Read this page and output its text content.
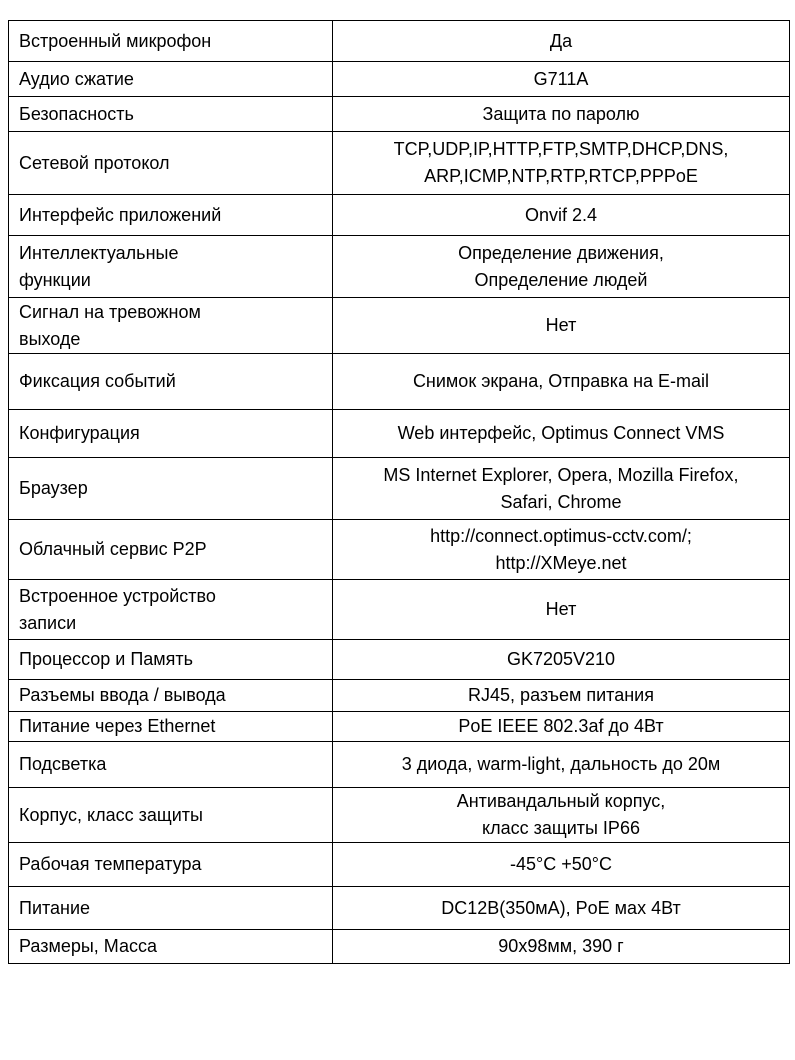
Встроенный микрофон	Да

Аудио сжатие	G711A

Безопасность	Защита по паролю

Сетевой протокол	TCP,UDP,IP,HTTP,FTP,SMTP,DHCP,DNS,
ARP,ICMP,NTP,RTP,RTCP,PPPoE

Интерфейс приложений	Onvif 2.4

Интеллектуальные
функции	Определение движения,
Определение людей

Сигнал на тревожном
выходе	Нет

Фиксация событий	Снимок экрана, Отправка на E-mail

Конфигурация	Web интерфейс, Optimus Connect VMS

Браузер	MS Internet Explorer, Opera, Mozilla Firefox,
Safari, Chrome

Облачный сервис P2P	http://connect.optimus-cctv.com/;
http://XMeye.net

Встроенное устройство
записи	Нет

Процессор и Память	GK7205V210

Разъемы ввода / вывода	RJ45, разъем питания

Питание через Ethernet	PoE IEEE 802.3af до 4Вт

Подсветка	3 диода, warm-light, дальность до 20м

Корпус, класс защиты	Антивандальный корпус,
класс защиты IP66

Рабочая температура	-45°C +50°C

Питание	DC12B(350мА), PoE мах 4Вт

Размеры, Масса	90x98мм, 390 г
